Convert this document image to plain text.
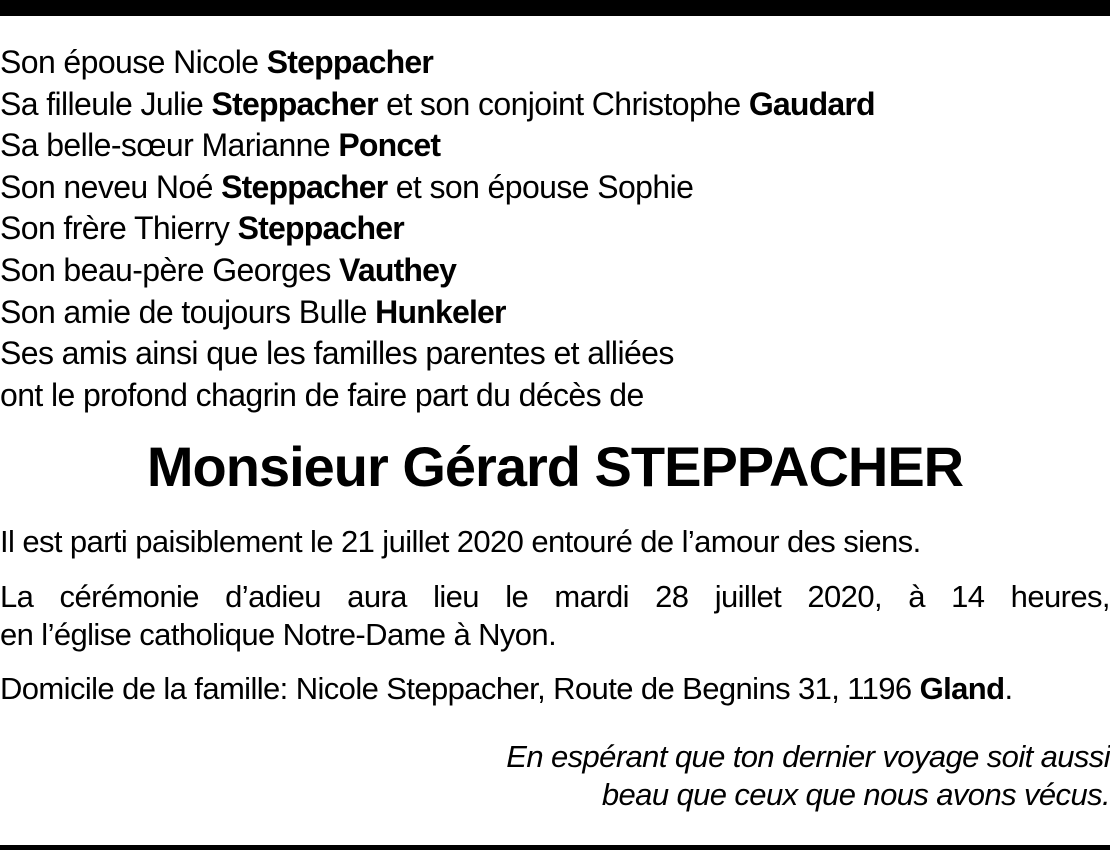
Son épouse Nicole Steppacher
Sa filleule Julie Steppacher et son conjoint Christophe Gaudard
Sa belle-sœur Marianne Poncet
Son neveu Noé Steppacher et son épouse Sophie
Son frère Thierry Steppacher
Son beau-père Georges Vauthey
Son amie de toujours Bulle Hunkeler
Ses amis ainsi que les familles parentes et alliées
ont le profond chagrin de faire part du décès de
Monsieur Gérard STEPPACHER
Il est parti paisiblement le 21 juillet 2020 entouré de l’amour des siens.
La cérémonie d’adieu aura lieu le mardi 28 juillet 2020, à 14 heures,
en l’église catholique Notre-Dame à Nyon.
Domicile de la famille: Nicole Steppacher, Route de Begnins 31, 1196 Gland.
En espérant que ton dernier voyage soit aussi
beau que ceux que nous avons vécus.
